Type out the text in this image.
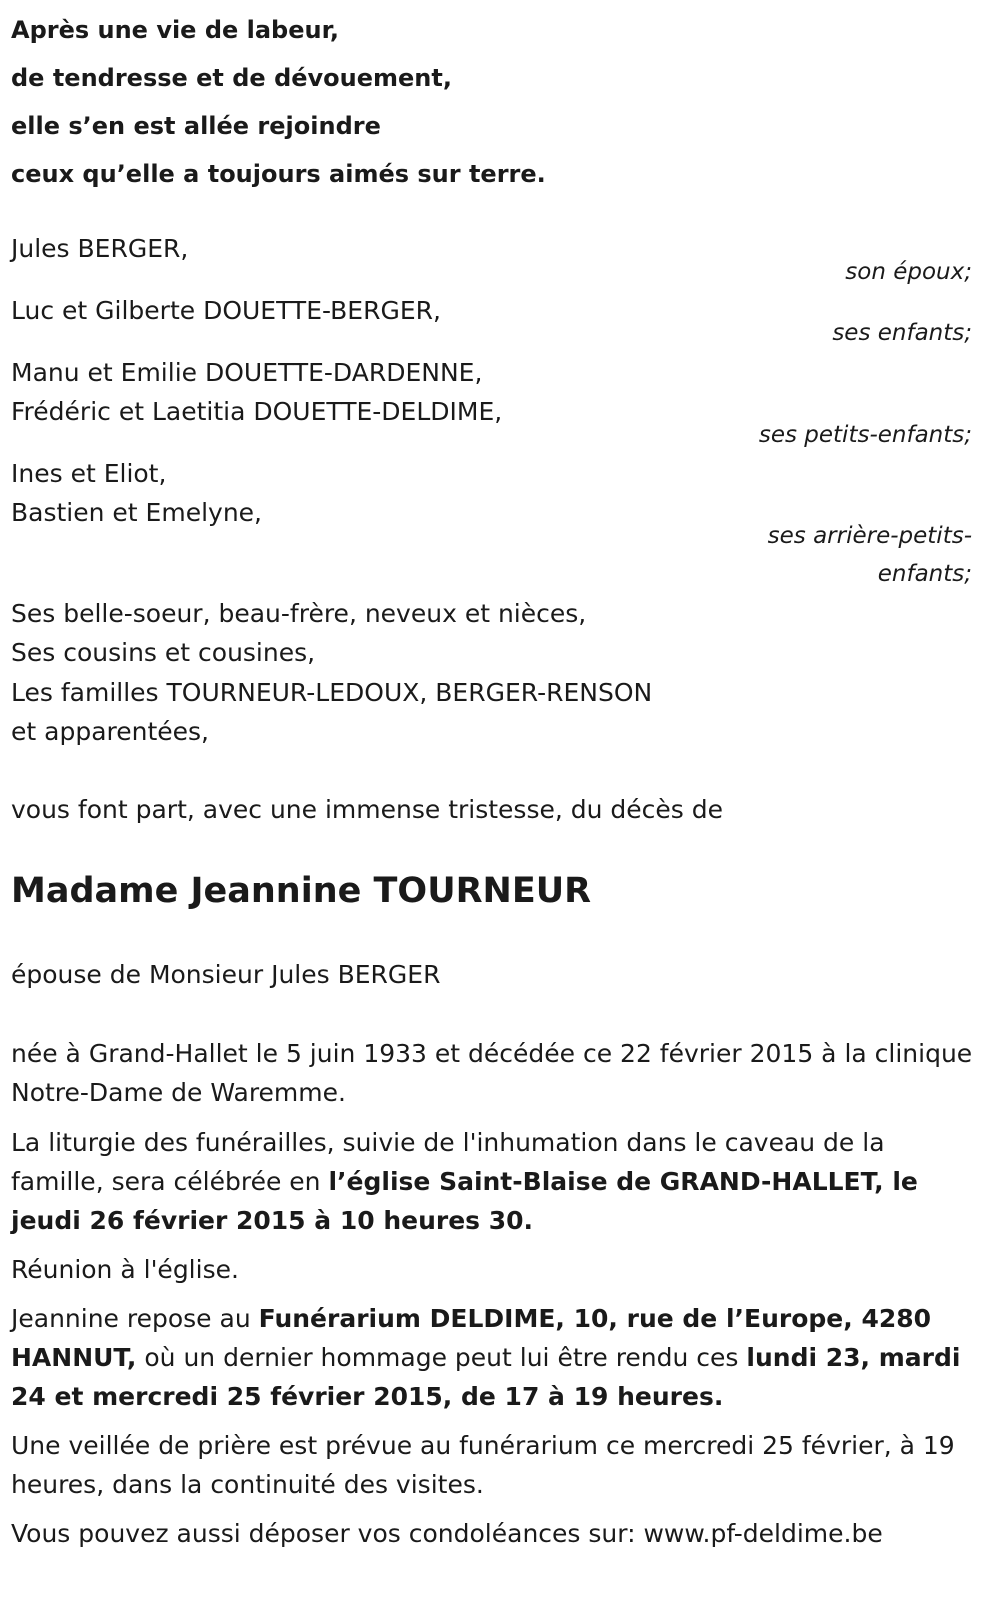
Après une vie de labeur,
de tendresse et de dévouement,
elle s’en est allée rejoindre
ceux qu’elle a toujours aimés sur terre.
Jules BERGER,
son époux;
Luc et Gilberte DOUETTE-BERGER,
ses enfants;
Manu et Emilie DOUETTE-DARDENNE,
Frédéric et Laetitia DOUETTE-DELDIME,
ses petits-enfants;
Ines et Eliot,
Bastien et Emelyne,
ses arrière-petits-
enfants;
Ses belle-soeur, beau-frère, neveux et nièces,
Ses cousins et cousines,
Les familles TOURNEUR-LEDOUX, BERGER-RENSON
et apparentées,
vous font part, avec une immense tristesse, du décès de
Madame Jeannine TOURNEUR
épouse de Monsieur Jules BERGER
née à Grand-Hallet le 5 juin 1933 et décédée ce 22 février 2015 à la clinique Notre-Dame de Waremme.
La liturgie des funérailles, suivie de l'inhumation dans le caveau de la famille, sera célébrée en l’église Saint-Blaise de GRAND-HALLET, le jeudi 26 février 2015 à 10 heures 30.
Réunion à l'église.
Jeannine repose au Funérarium DELDIME, 10, rue de l’Europe, 4280 HANNUT, où un dernier hommage peut lui être rendu ces lundi 23, mardi 24 et mercredi 25 février 2015, de 17 à 19 heures.
Une veillée de prière est prévue au funérarium ce mercredi 25 février, à 19 heures, dans la continuité des visites.
Vous pouvez aussi déposer vos condoléances sur: www.pf-deldime.be
